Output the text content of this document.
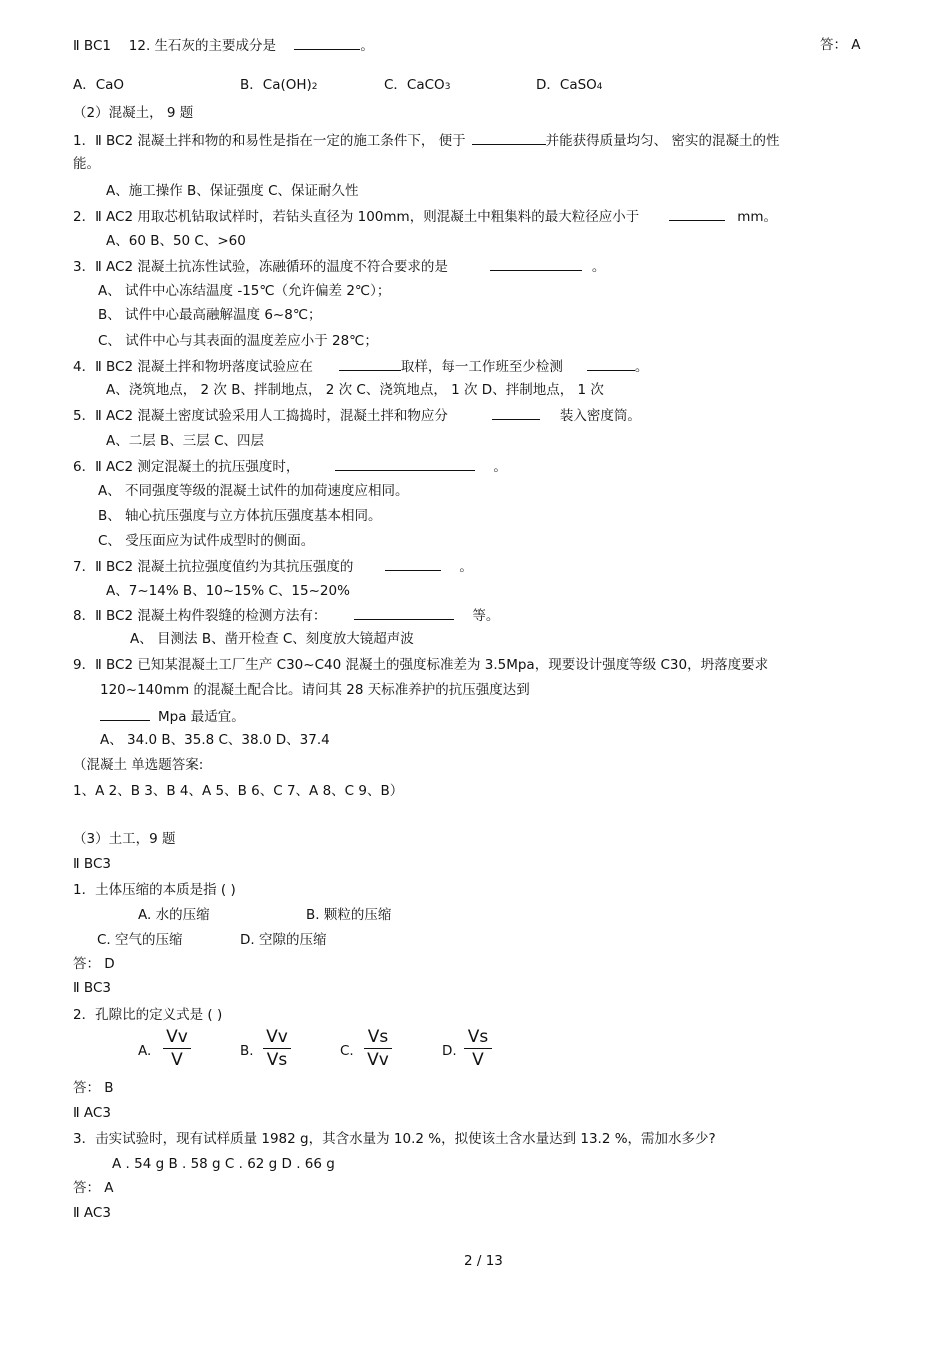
Ⅱ BC1　 12. 生石灰的主要成分是	。	答： A
A．CaO	B．Ca(OH)2	C．CaCO3	D．CaSO4
（2）混凝土， 9 题
1．Ⅱ BC2 混凝土拌和物的和易性是指在一定的施工条件下， 便于	并能获得质量均匀、 密实的混凝土的性
能。
A、施工操作 B、保证强度 C、保证耐久性
2．Ⅱ AC2 用取芯机钻取试样时，若钻头直径为 100mm，则混凝土中粗集料的最大粒径应小于	mm。
A、60 B、50 C、>60
3．Ⅱ AC2 混凝土抗冻性试验，冻融循环的温度不符合要求的是	。
A、 试件中心冻结温度 -15℃（允许偏差 2℃）；
B、 试件中心最高融解温度 6~8℃；
C、 试件中心与其表面的温度差应小于 28℃；
4．Ⅱ BC2 混凝土拌和物坍落度试验应在	取样，每一工作班至少检测	。
A、浇筑地点， 2 次 B、拌制地点， 2 次 C、浇筑地点， 1 次 D、拌制地点， 1 次
5．Ⅱ AC2 混凝土密度试验采用人工捣捣时，混凝土拌和物应分	装入密度筒。
A、二层 B、三层 C、四层
6．Ⅱ AC2 测定混凝土的抗压强度时，	。
A、 不同强度等级的混凝土试件的加荷速度应相同。
B、 轴心抗压强度与立方体抗压强度基本相同。
C、 受压面应为试件成型时的侧面。
7．Ⅱ BC2 混凝土抗拉强度值约为其抗压强度的	。
A、7~14% B、10~15% C、15~20%
8．Ⅱ BC2 混凝土构件裂缝的检测方法有：	等。
A、 目测法 B、凿开检查 C、刻度放大镜超声波
9．Ⅱ BC2 已知某混凝土工厂生产 C30~C40 混凝土的强度标准差为 3.5Mpa，现要设计强度等级 C30，坍落度要求
120~140mm 的混凝土配合比。请问其 28 天标准养护的抗压强度达到
Mpa 最适宜。
A、 34.0 B、35.8 C、38.0 D、37.4
（混凝土 单选题答案:
1、A 2、B 3、B 4、A 5、B 6、C 7、A 8、C 9、B）
（3）土工，9 题
Ⅱ BC3
1．土体压缩的本质是指 ( )
A. 水的压缩	B. 颗粒的压缩
C. 空气的压缩	D. 空隙的压缩
答： D
Ⅱ BC3
2．孔隙比的定义式是 ( )
A. $\frac{Vv}{V}$	B. $\frac{Vv}{Vs}$	C. $\frac{Vs}{Vv}$	D. $\frac{Vs}{V}$
答： B
Ⅱ AC3
3．击实试验时，现有试样质量 1982 g，其含水量为 10.2 %，拟使该土含水量达到 13.2 %，需加水多少?
A . 54 g B . 58 g C . 62 g D . 66 g
答： A
Ⅱ AC3
2 / 13
